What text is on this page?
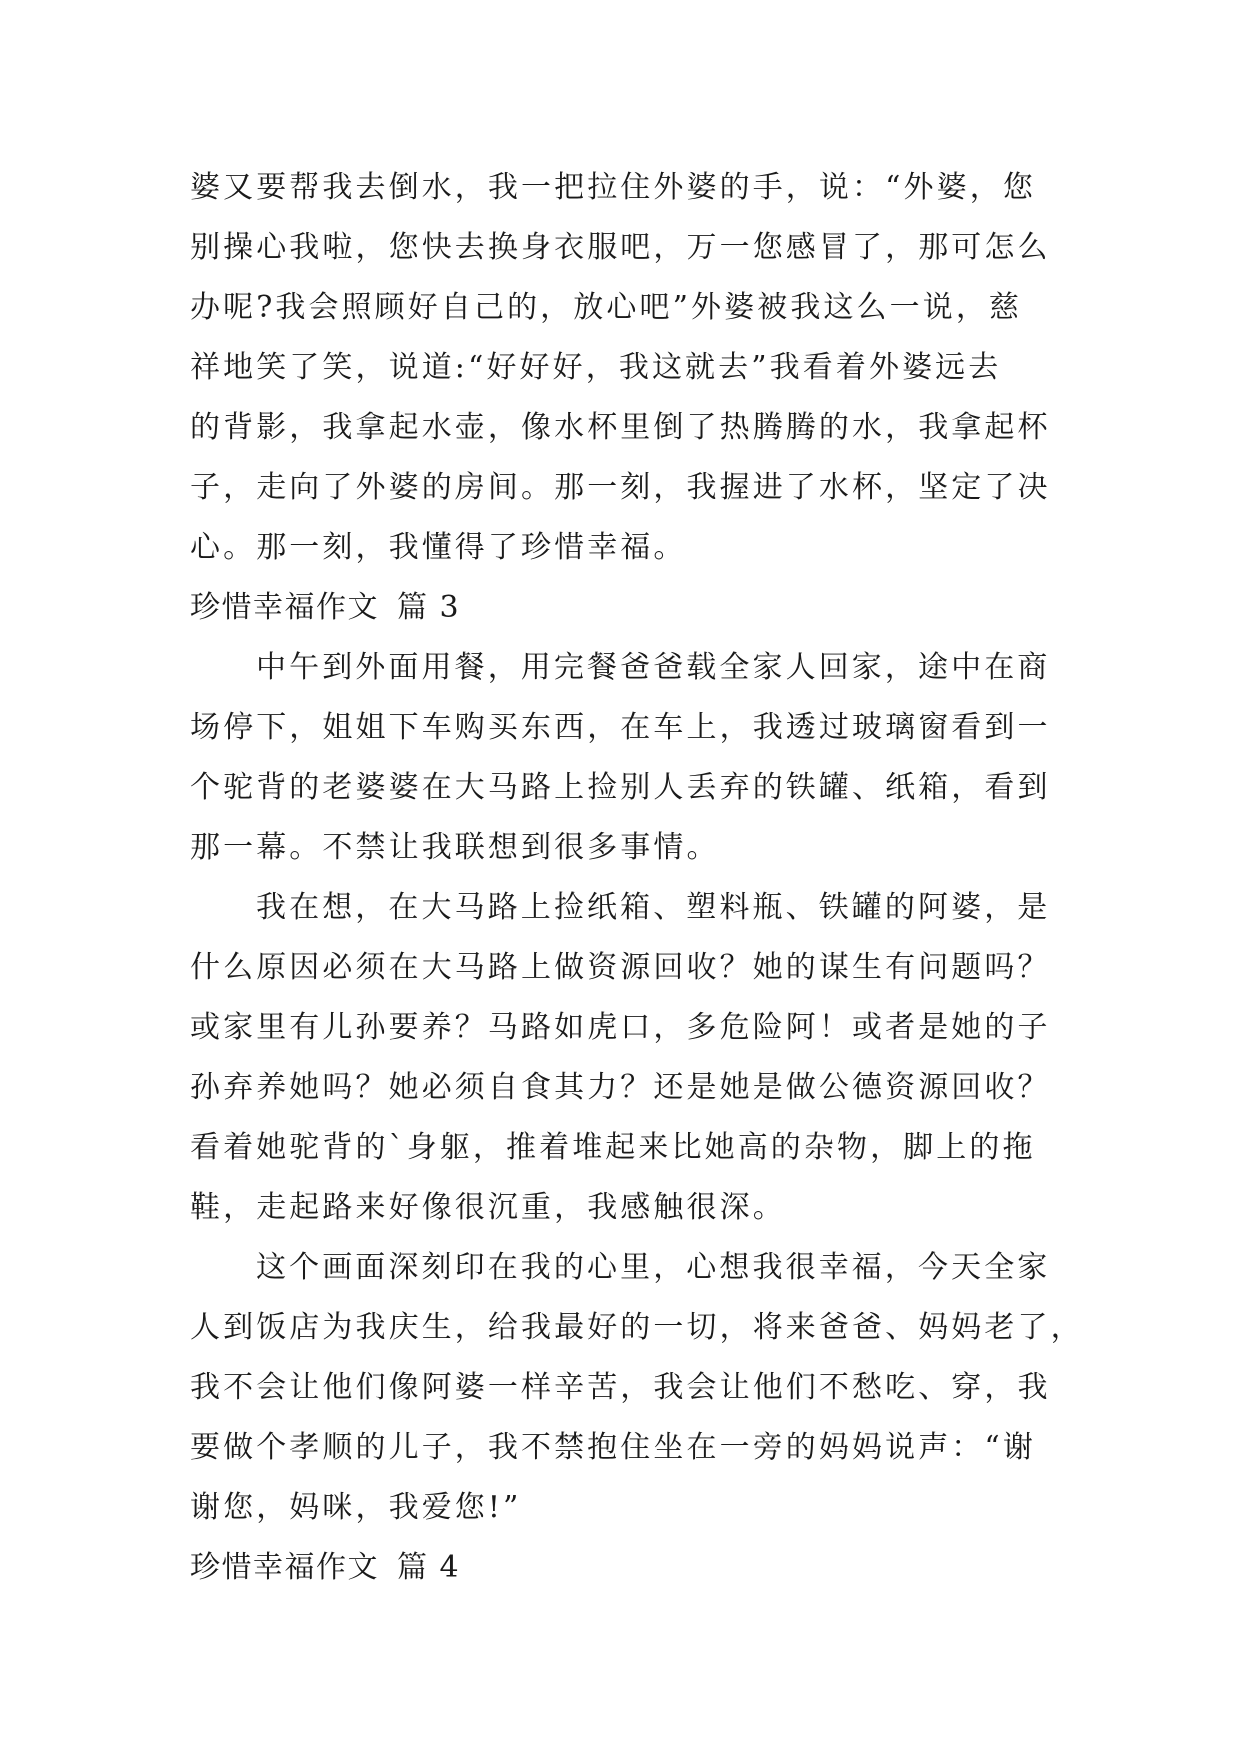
婆又要帮我去倒水，我一把拉住外婆的手，说：“外婆，您
别操心我啦，您快去换身衣服吧，万一您感冒了，那可怎么
办呢?我会照顾好自己的，放心吧”外婆被我这么一说，慈
祥地笑了笑，说道:“好好好，我这就去”我看着外婆远去
的背影，我拿起水壶，像水杯里倒了热腾腾的水，我拿起杯
子，走向了外婆的房间。那一刻，我握进了水杯，坚定了决
心。那一刻，我懂得了珍惜幸福。
珍惜幸福作文 篇 3
中午到外面用餐，用完餐爸爸载全家人回家，途中在商
场停下，姐姐下车购买东西，在车上，我透过玻璃窗看到一
个驼背的老婆婆在大马路上捡别人丢弃的铁罐、纸箱，看到
那一幕。不禁让我联想到很多事情。
我在想，在大马路上捡纸箱、塑料瓶、铁罐的阿婆，是
什么原因必须在大马路上做资源回收？她的谋生有问题吗？
或家里有儿孙要养？马路如虎口，多危险阿！或者是她的子
孙弃养她吗？她必须自食其力？还是她是做公德资源回收？
看着她驼背的`身躯，推着堆起来比她高的杂物，脚上的拖
鞋，走起路来好像很沉重，我感触很深。
这个画面深刻印在我的心里，心想我很幸福，今天全家
人到饭店为我庆生，给我最好的一切，将来爸爸、妈妈老了，
我不会让他们像阿婆一样辛苦，我会让他们不愁吃、穿，我
要做个孝顺的儿子，我不禁抱住坐在一旁的妈妈说声：“谢
谢您，妈咪，我爱您!”
珍惜幸福作文 篇 4
